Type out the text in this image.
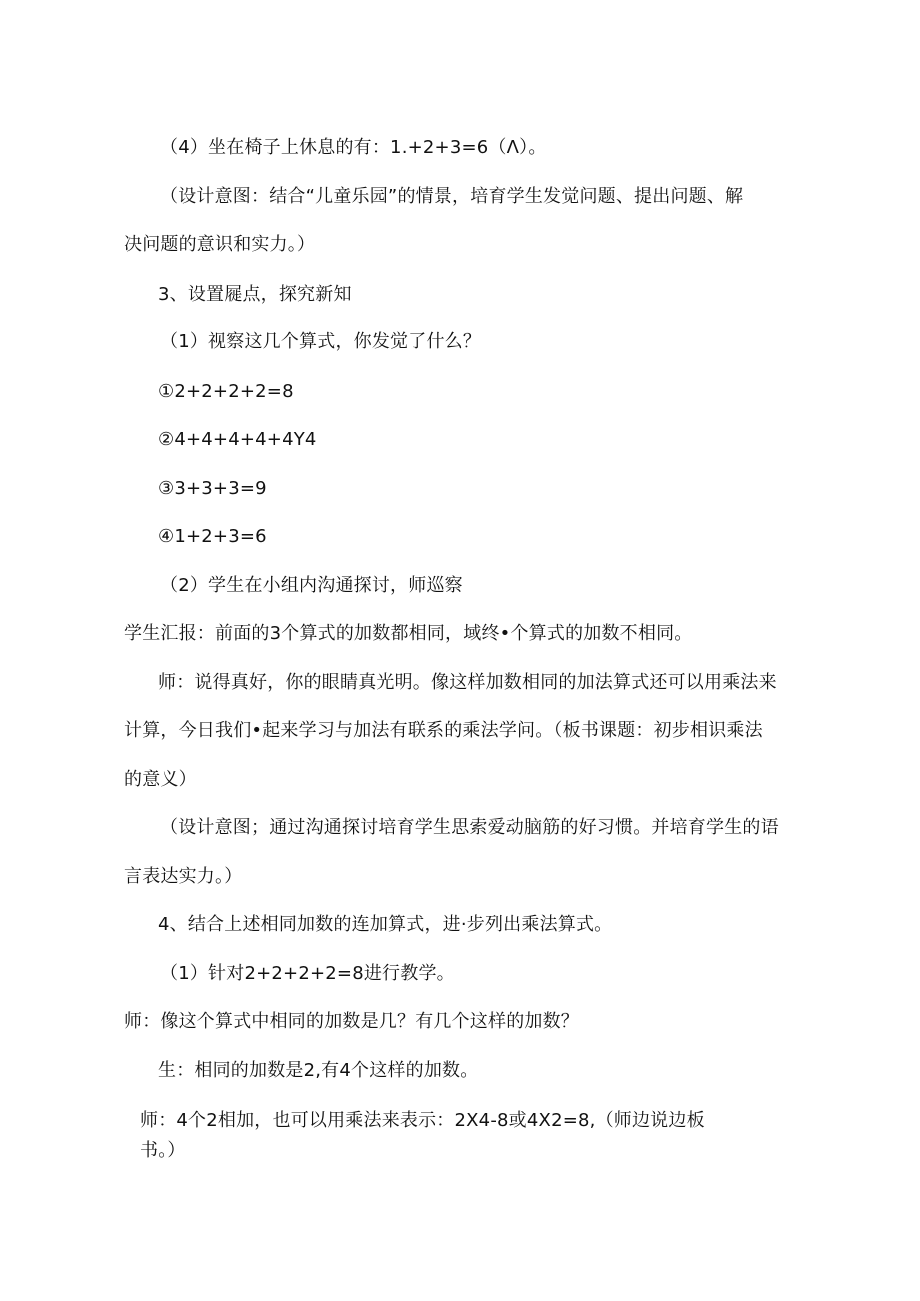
（4）坐在椅子上休息的有：1.+2+3=6（Λ）。
（设计意图：结合“儿童乐园”的情景，培育学生发觉问题、提出问题、解
决问题的意识和实力。）
3、设置屣点，探究新知
（1）视察这几个算式，你发觉了什么？
①2+2+2+2=8
②4+4+4+4+4Y4
③3+3+3=9
④1+2+3=6
（2）学生在小组内沟通探讨，师巡察
学生汇报：前面的3个算式的加数都相同，域终•个算式的加数不相同。
师：说得真好，你的眼睛真光明。像这样加数相同的加法算式还可以用乘法来
计算，今日我们•起来学习与加法有联系的乘法学问。（板书课题：初步相识乘法
的意义）
（设计意图；通过沟通探讨培育学生思索爱动脑筋的好习惯。并培育学生的语
言表达实力。）
4、结合上述相同加数的连加算式，进·步列出乘法算式。
（1）针对2+2+2+2=8进行教学。
师：像这个算式中相同的加数是几？有几个这样的加数？
生：相同的加数是2,有4个这样的加数。
师：4个2相加，也可以用乘法来表示：2X4-8或4X2=8,（师边说边板
书。）
